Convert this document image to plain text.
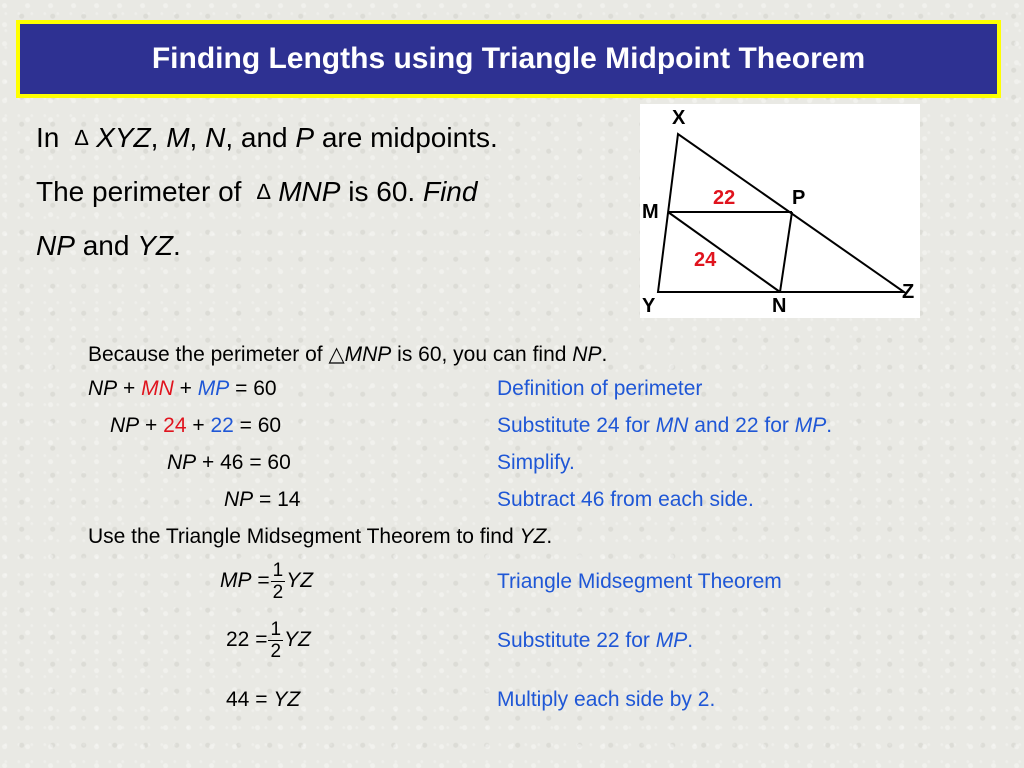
Finding Lengths using Triangle Midpoint Theorem

In ∆ XYZ, M, N, and P are midpoints.

The perimeter of ∆ MNP is 60. Find

NP and YZ.

X
M
P
Y	N
Z
22
24
Because the perimeter of △MNP is 60, you can find NP.
NP + MN + MP = 60	Definition of perimeter
NP + 24 + 22 = 60	Substitute 24 for MN and 22 for MP.
NP + 46 = 60	Simplify.
NP = 14	Subtract 46 from each side.
Use the Triangle Midsegment Theorem to find YZ.
MP = $\frac{1}{2}$ YZ	Triangle Midsegment Theorem
$22 = \frac{1}{2}$ YZ	Substitute 22 for MP.
44 = YZ	Multiply each side by 2.
